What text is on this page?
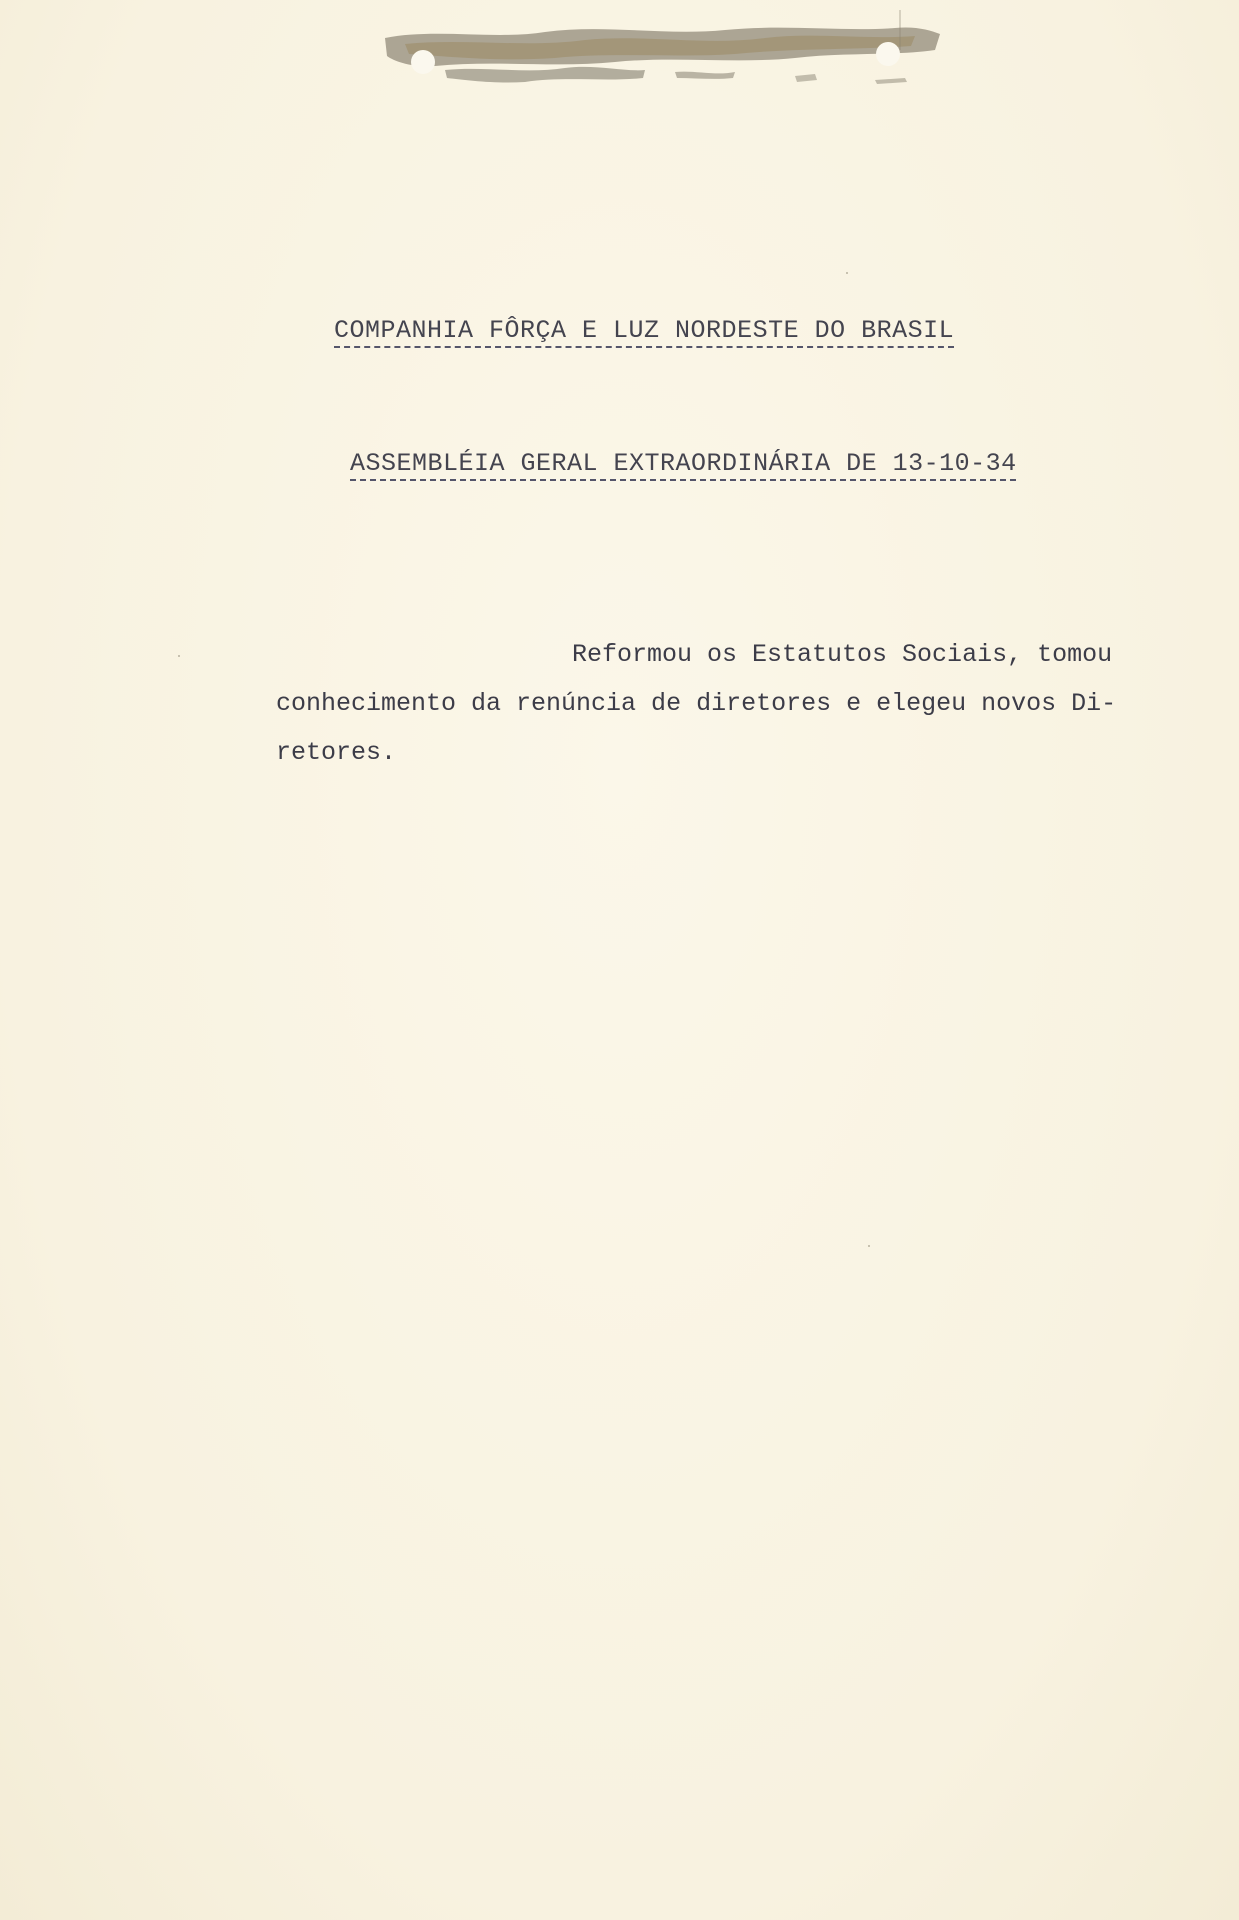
COMPANHIA FÔRÇA E LUZ NORDESTE DO BRASIL
ASSEMBLÉIA GERAL EXTRAORDINÁRIA DE 13-10-34
Reformou os Estatutos Sociais, tomou
conhecimento da renúncia de diretores e elegeu novos Di-
retores.
